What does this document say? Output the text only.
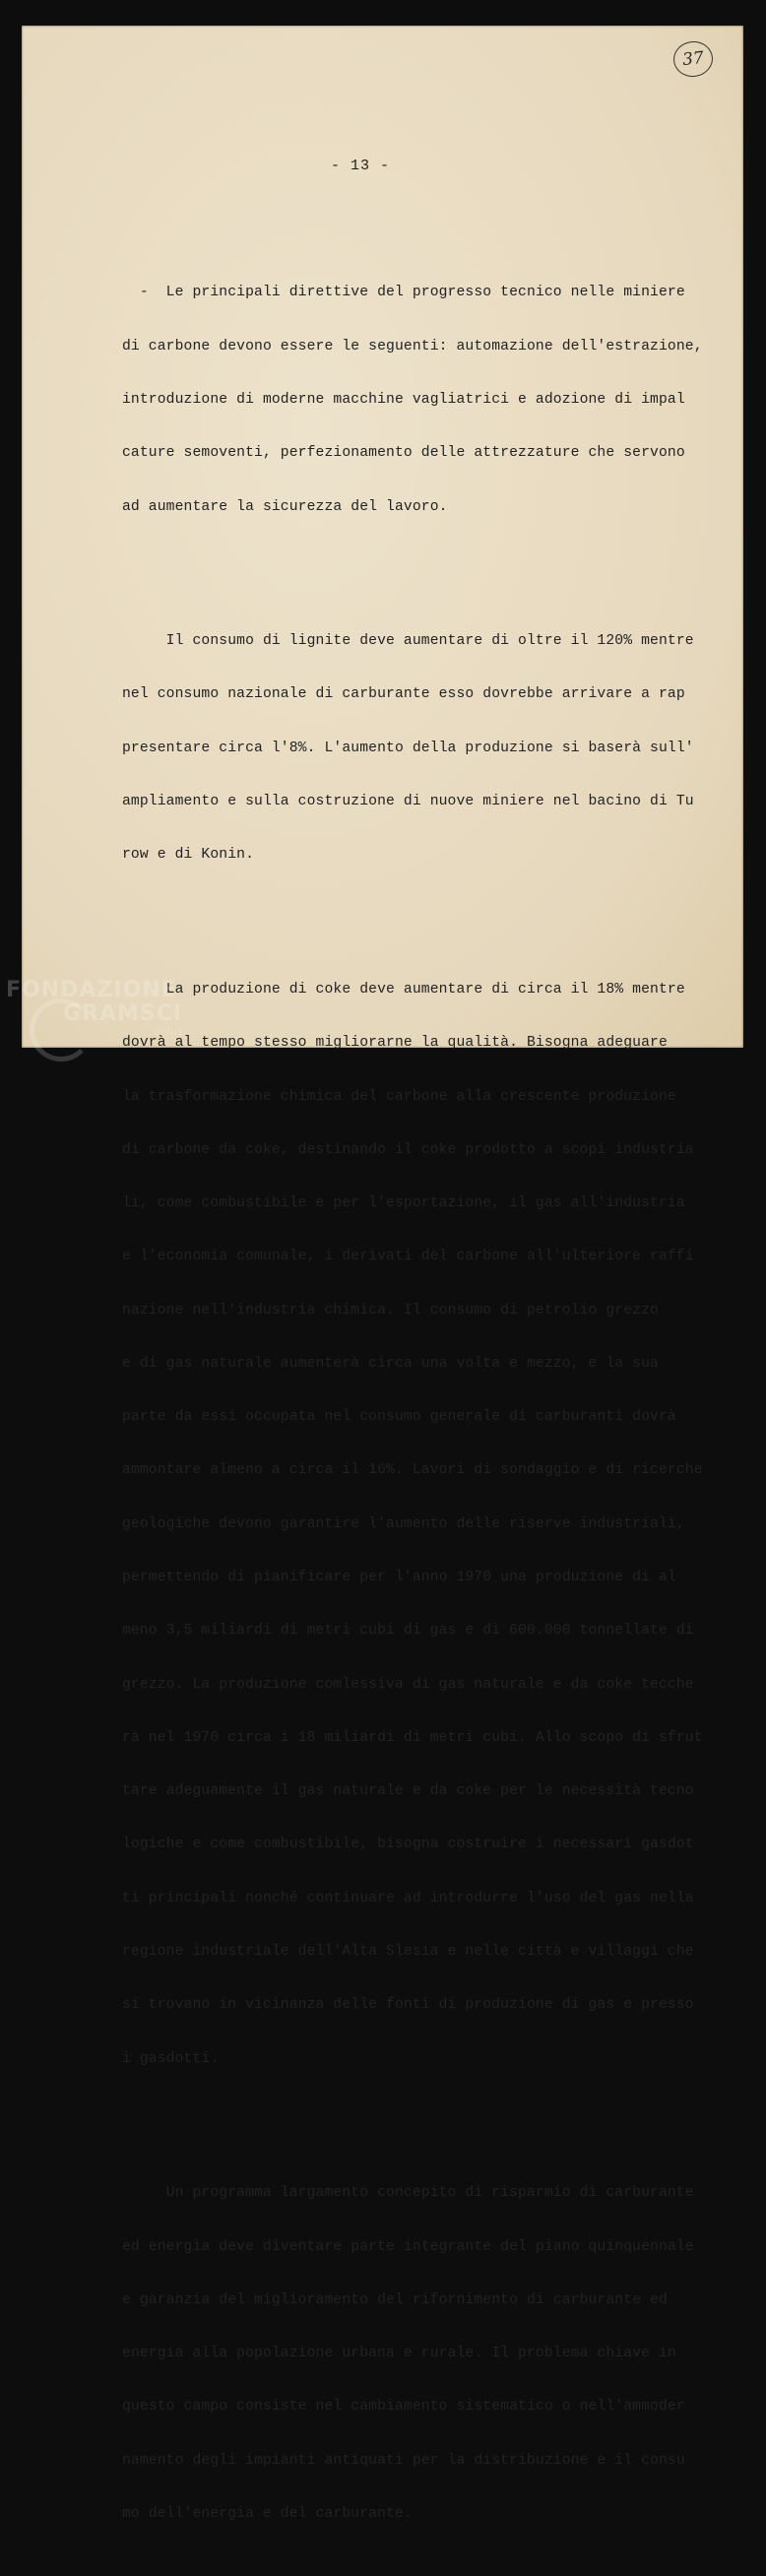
37
- 13 -

-  Le principali direttive del progresso tecnico nelle miniere

di carbone devono essere le seguenti: automazione dell'estrazione,

introduzione di moderne macchine vagliatrici e adozione di impal

cature semoventi, perfezionamento delle attrezzature che servono

ad aumentare la sicurezza del lavoro.

Il consumo di lignite deve aumentare di oltre il 120% mentre

nel consumo nazionale di carburante esso dovrebbe arrivare a rap

presentare circa l'8%. L'aumento della produzione si baserà sull'

ampliamento e sulla costruzione di nuove miniere nel bacino di Tu

row e di Konin.

La produzione di coke deve aumentare di circa il 18% mentre

dovrà al tempo stesso migliorarne la qualità. Bisogna adeguare

la trasformazione chimica del carbone alla crescente produzione

di carbone da coke, destinando il coke prodotto a scopi industria

li, come combustibile e per l'esportazione, il gas all'industria

e l'economia comunale, i derivati del carbone all'ulteriore raffi

nazione nell'industria chimica. Il consumo di petrolio grezzo

e di gas naturale aumenterà circa una volta e mezzo, e la sua

parte da essi occupata nel consumo generale di carburanti dovrà

ammontare almeno a circa il 16%. Lavori di sondaggio e di ricerche

geologiche devono garantire l'aumento delle riserve industriali,

permettendo di pianificare per l'anno 1970 una produzione di al

meno 3,5 miliardi di metri cubi di gas e di 600.000 tonnellate di

grezzo. La produzione comlessiva di gas naturale e da coke tecche

rà nel 1970 circa i 18 miliardi di metri cubi. Allo scopo di sfrut

tare adeguamente il gas naturale e da coke per le necessità tecno

logiche e come combustibile, bisogna costruire i necessari gasdot

ti principali nonché continuare ad introdurre l'uso del gas nella

regione industriale dell'Alta Slesia e nelle città e villaggi che

si trovano in vicinanza delle fonti di produzione di gas e presso

i gasdotti.

Un programma largamento concepito di risparmio di carburante

ed energia deve diventare parte integrante del piano quinquennale

e garanzia del miglioramento del rifornimento di carburante ed

energia alla popolazione urbana e rurale. Il problema chiave in

questo campo consiste nel cambiamento sistematico o nell'ammoder

namento degli impianti antiquati per la distribuzione e il consu

mo dell'energia e del carburante.

FONDAZIONE
GRAMSCI
onlus
